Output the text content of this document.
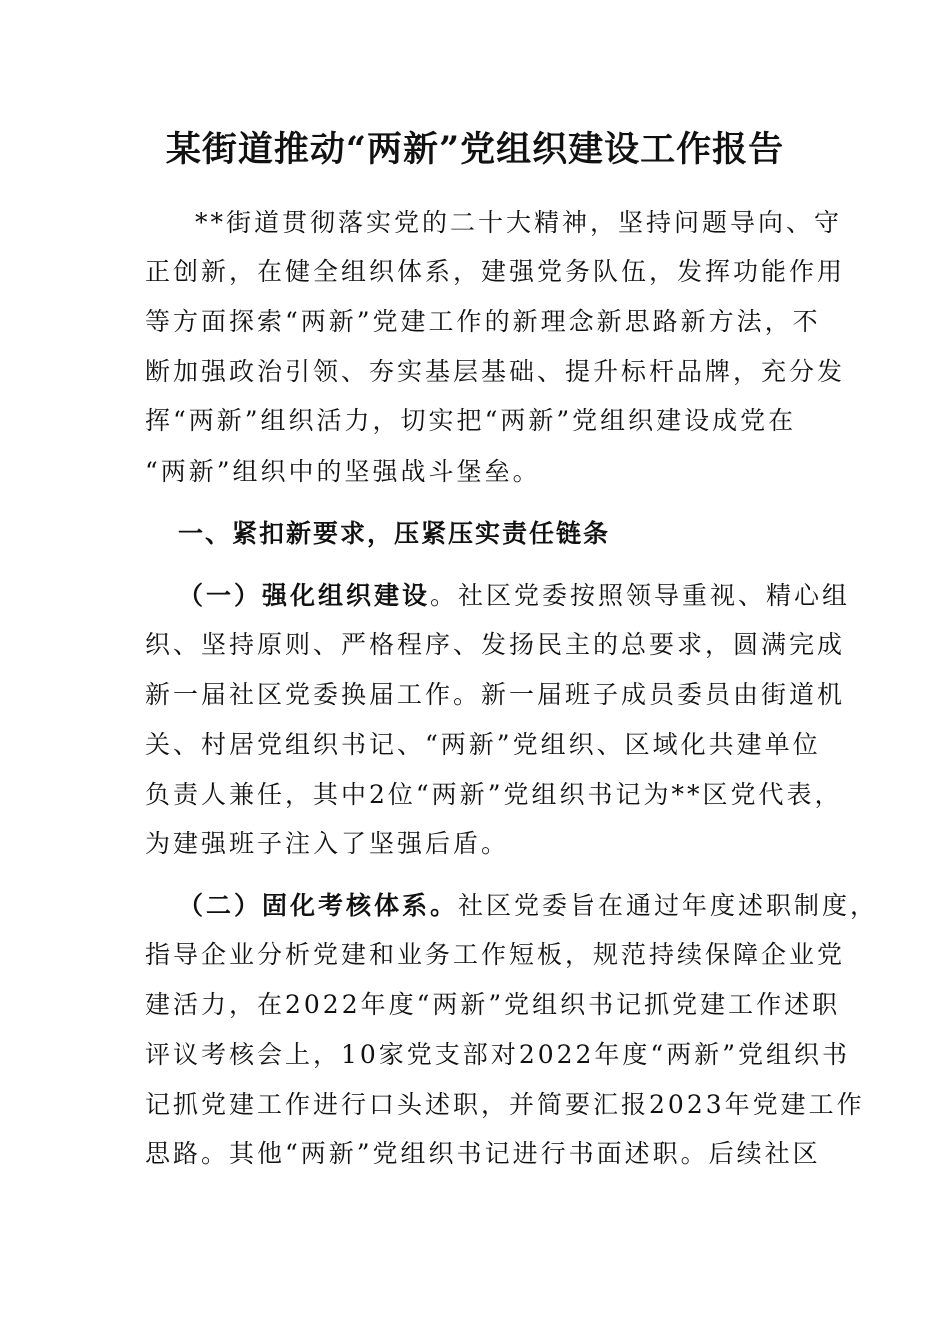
某街道推动“两新”党组织建设工作报告
**街道贯彻落实党的二十大精神，坚持问题导向、守
正创新，在健全组织体系，建强党务队伍，发挥功能作用
等方面探索“两新”党建工作的新理念新思路新方法，不
断加强政治引领、夯实基层基础、提升标杆品牌，充分发
挥“两新”组织活力，切实把“两新”党组织建设成党在
“两新”组织中的坚强战斗堡垒。
一、紧扣新要求，压紧压实责任链条
（一）强化组织建设。社区党委按照领导重视、精心组
织、坚持原则、严格程序、发扬民主的总要求，圆满完成
新一届社区党委换届工作。新一届班子成员委员由街道机
关、村居党组织书记、“两新”党组织、区域化共建单位
负责人兼任，其中2位“两新”党组织书记为**区党代表，
为建强班子注入了坚强后盾。
（二）固化考核体系。社区党委旨在通过年度述职制度，
指导企业分析党建和业务工作短板，规范持续保障企业党
建活力，在2022年度“两新”党组织书记抓党建工作述职
评议考核会上，10家党支部对2022年度“两新”党组织书
记抓党建工作进行口头述职，并简要汇报2023年党建工作
思路。其他“两新”党组织书记进行书面述职。后续社区
